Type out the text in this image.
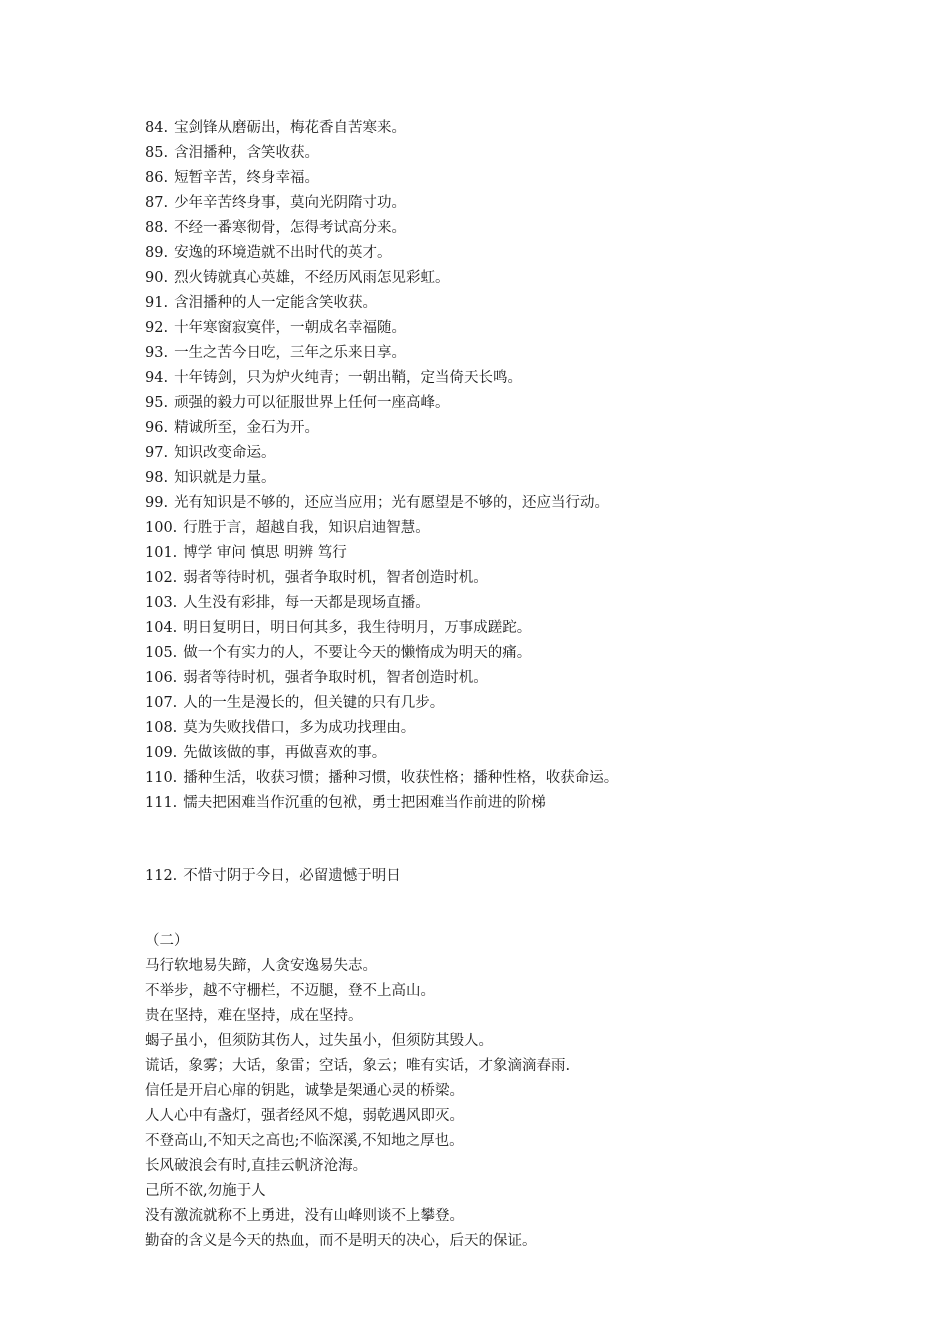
84. 宝剑锋从磨砺出，梅花香自苦寒来。
85. 含泪播种，含笑收获。
86. 短暂辛苦，终身幸福。
87. 少年辛苦终身事，莫向光阴隋寸功。
88. 不经一番寒彻骨，怎得考试高分来。
89. 安逸的环境造就不出时代的英才。
90. 烈火铸就真心英雄，不经历风雨怎见彩虹。
91. 含泪播种的人一定能含笑收获。
92. 十年寒窗寂寞伴，一朝成名幸福随。
93. 一生之苦今日吃，三年之乐来日享。
94. 十年铸剑，只为炉火纯青；一朝出鞘，定当倚天长鸣。
95. 顽强的毅力可以征服世界上任何一座高峰。
96. 精诚所至，金石为开。
97. 知识改变命运。
98. 知识就是力量。
99. 光有知识是不够的，还应当应用；光有愿望是不够的，还应当行动。
100. 行胜于言，超越自我，知识启迪智慧。
101. 博学 审问 慎思 明辨 笃行
102. 弱者等待时机，强者争取时机，智者创造时机。
103. 人生没有彩排，每一天都是现场直播。
104. 明日复明日，明日何其多，我生待明月，万事成蹉跎。
105. 做一个有实力的人，不要让今天的懒惰成为明天的痛。
106. 弱者等待时机，强者争取时机，智者创造时机。
107. 人的一生是漫长的，但关键的只有几步。
108. 莫为失败找借口，多为成功找理由。
109. 先做该做的事，再做喜欢的事。
110. 播种生活，收获习惯；播种习惯，收获性格；播种性格，收获命运。
111. 懦夫把困难当作沉重的包袱，勇士把困难当作前进的阶梯
112. 不惜寸阴于今日，必留遗憾于明日
（二）
马行软地易失蹄，人贪安逸易失志。
不举步，越不守栅栏，不迈腿，登不上高山。
贵在坚持，难在坚持，成在坚持。
蝎子虽小，但须防其伤人，过失虽小，但须防其毁人。
谎话，象雾；大话，象雷；空话，象云；唯有实话，才象滴滴春雨.
信任是开启心扉的钥匙，诚挚是架通心灵的桥梁。
人人心中有盏灯，强者经风不熄，弱乾遇风即灭。
不登高山,不知天之高也;不临深溪,不知地之厚也。
长风破浪会有时,直挂云帆济沧海。
己所不欲,勿施于人
没有激流就称不上勇进，没有山峰则谈不上攀登。
勤奋的含义是今天的热血，而不是明天的决心，后天的保证。
